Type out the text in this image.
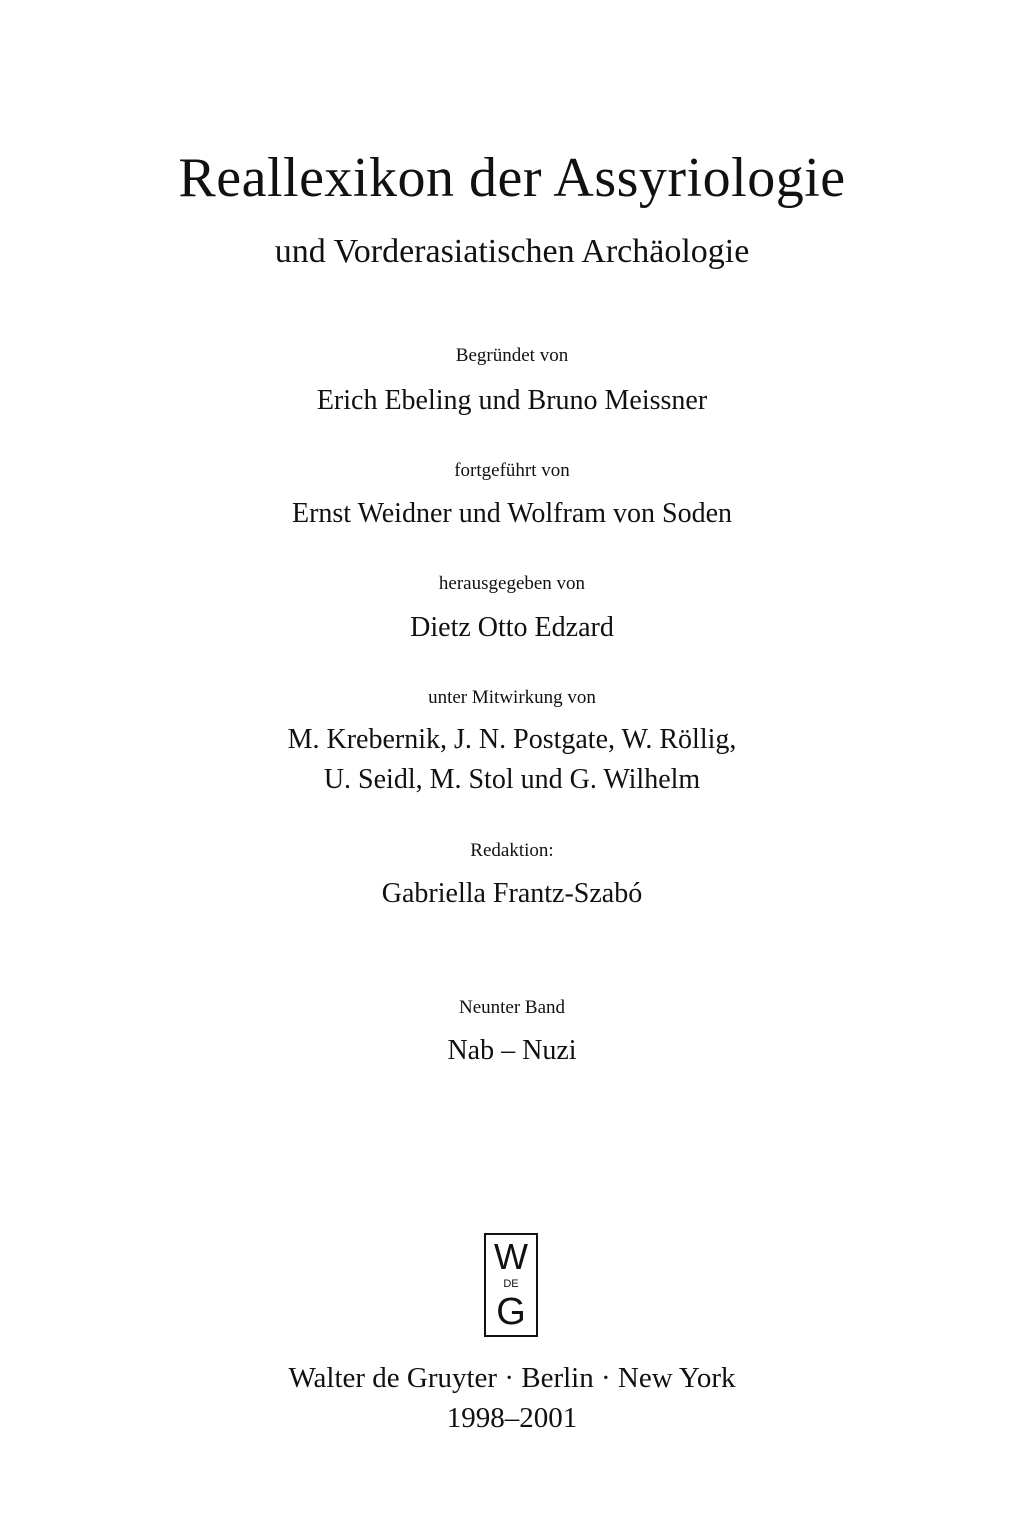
Reallexikon der Assyriologie
und Vorderasiatischen Archäologie
Begründet von
Erich Ebeling und Bruno Meissner
fortgeführt von
Ernst Weidner und Wolfram von Soden
herausgegeben von
Dietz Otto Edzard
unter Mitwirkung von
M. Krebernik, J. N. Postgate, W. Röllig,
U. Seidl, M. Stol und G. Wilhelm
Redaktion:
Gabriella Frantz-Szabó
Neunter Band
Nab – Nuzi
W
DE
G
Walter de Gruyter · Berlin · New York
1998–2001
